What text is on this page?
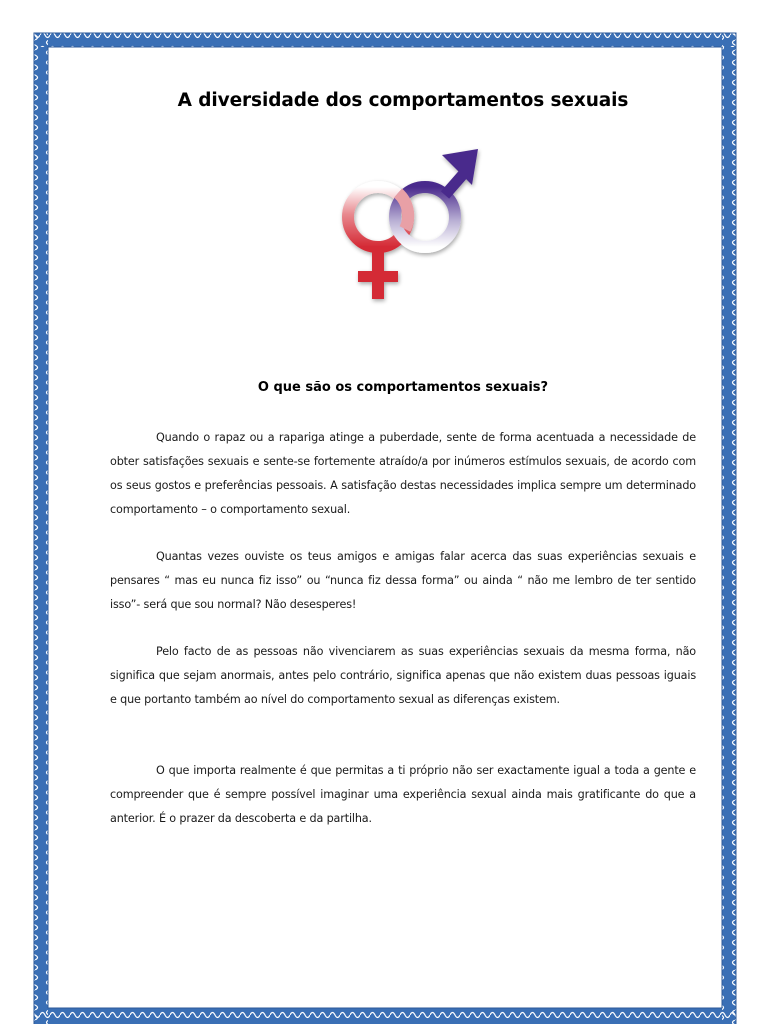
A diversidade dos comportamentos sexuais
O que são os comportamentos sexuais?

Quando o rapaz ou a rapariga atinge a puberdade, sente de forma acentuada a necessidade de obter satisfações sexuais e sente-se fortemente atraído/a por inúmeros estímulos sexuais, de acordo com os seus gostos e preferências pessoais. A satisfação destas necessidades implica sempre um determinado comportamento – o comportamento sexual.

Quantas vezes ouviste os teus amigos e amigas falar acerca das suas experiências sexuais e pensares “ mas eu nunca fiz isso” ou “nunca fiz dessa forma” ou ainda “ não me lembro de ter sentido isso”- será que sou normal? Não desesperes!

Pelo facto de as pessoas não vivenciarem as suas experiências sexuais da mesma forma, não significa que sejam anormais, antes pelo contrário, significa apenas que não existem duas pessoas iguais e que portanto também ao nível do comportamento sexual as diferenças existem.

O que importa realmente é que permitas a ti próprio não ser exactamente igual a toda a gente e compreender que é sempre possível imaginar uma experiência sexual ainda mais gratificante do que a anterior. É o prazer da descoberta e da partilha.
